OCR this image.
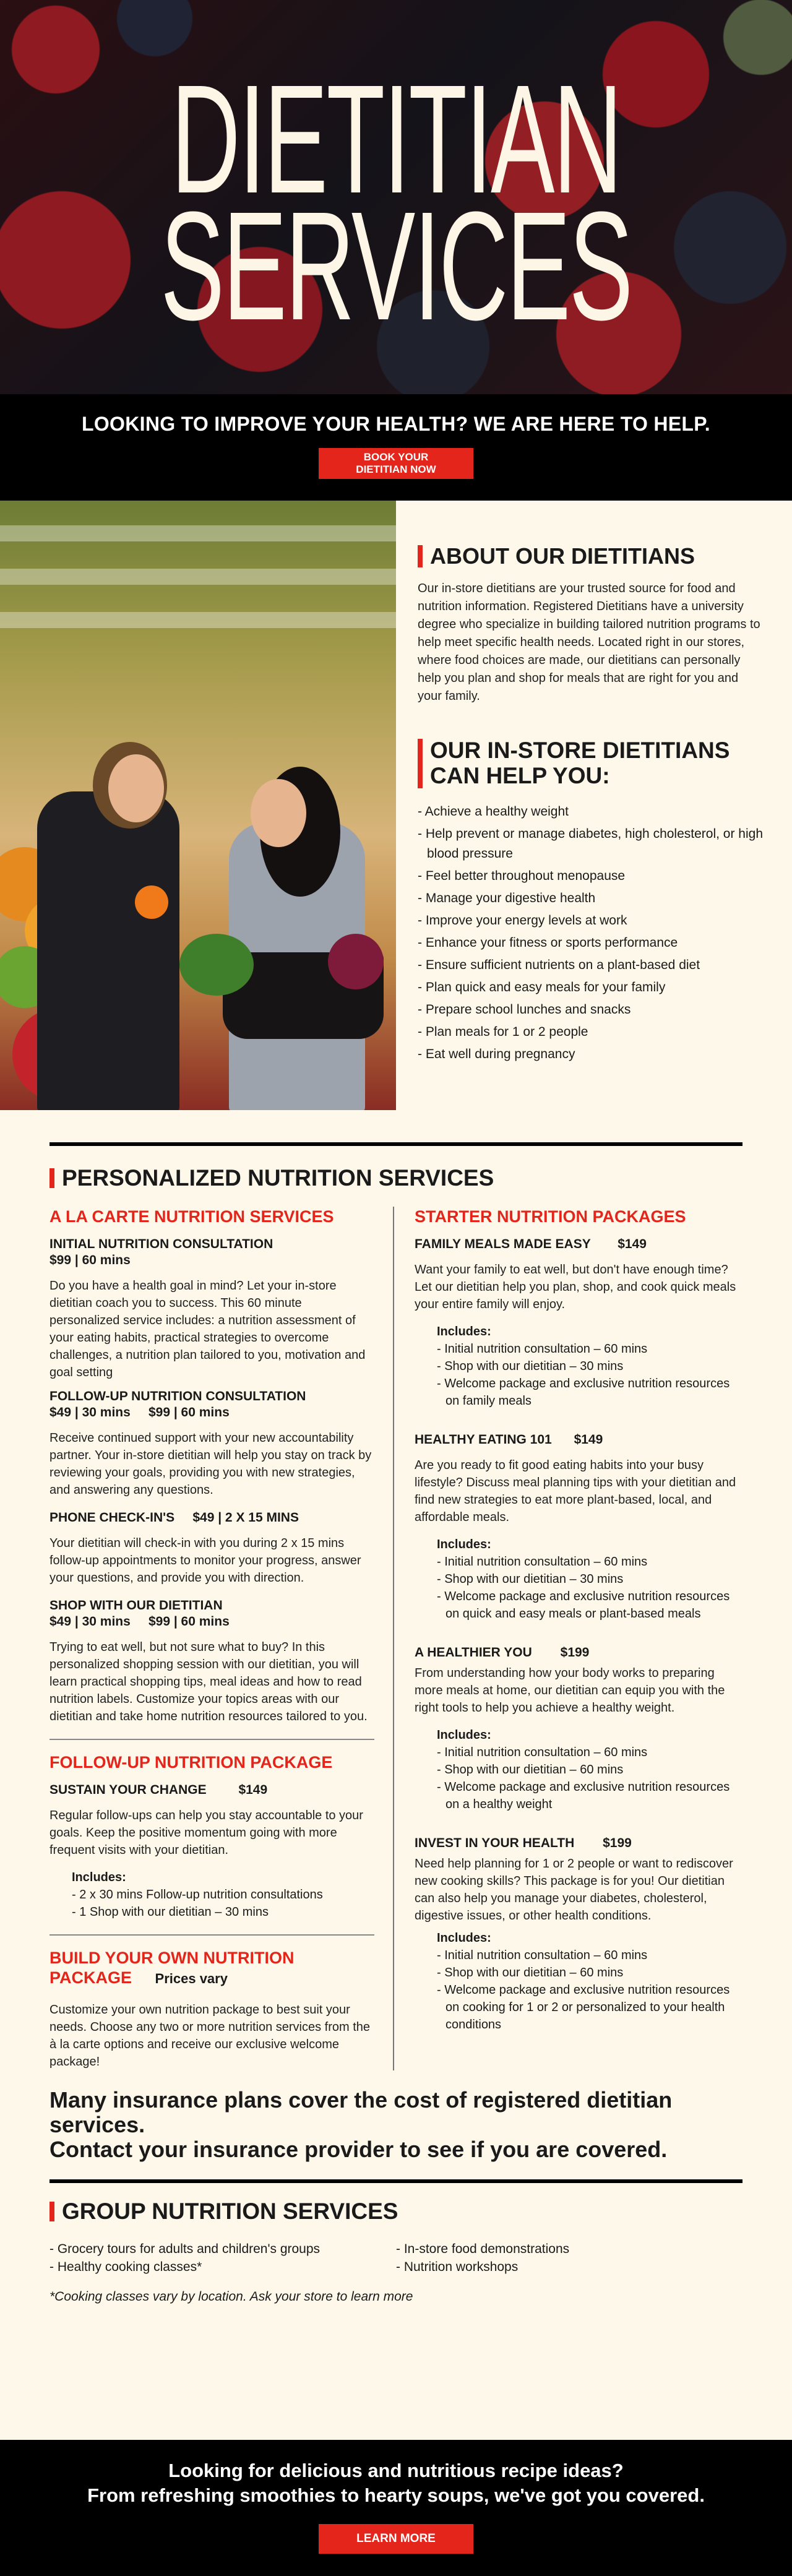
DIETITIAN
SERVICES
LOOKING TO IMPROVE YOUR HEALTH? WE ARE HERE TO HELP.
BOOK YOUR
DIETITIAN NOW
ABOUT OUR DIETITIANS

Our in-store dietitians are your trusted source for food and nutrition information. Registered Dietitians have a university degree who specialize in building tailored nutrition programs to help meet specific health needs. Located right in our stores, where food choices are made, our dietitians can personally help you plan and shop for meals that are right for you and your family.

OUR IN-STORE DIETITIANS
CAN HELP YOU:
- Achieve a healthy weight
- Help prevent or manage diabetes, high cholesterol, or high blood pressure
- Feel better throughout menopause
- Manage your digestive health
- Improve your energy levels at work
- Enhance your fitness or sports performance
- Ensure sufficient nutrients on a plant-based diet
- Plan quick and easy meals for your family
- Prepare school lunches and snacks
- Plan meals for 1 or 2 people
- Eat well during pregnancy
PERSONALIZED NUTRITION SERVICES
A LA CARTE NUTRITION SERVICES
INITIAL NUTRITION CONSULTATION
$99 | 60 mins
Do you have a health goal in mind? Let your in-store dietitian coach you to success. This 60 minute personalized service includes: a nutrition assessment of your eating habits, practical strategies to overcome challenges, a nutrition plan tailored to you, motivation and goal setting
FOLLOW-UP NUTRITION CONSULTATION
$49 | 30 mins     $99 | 60 mins
Receive continued support with your new accountability partner. Your in-store dietitian will help you stay on track by reviewing your goals, providing you with new strategies, and answering any questions.
PHONE CHECK-IN'S     $49 | 2 X 15 MINS
Your dietitian will check-in with you during 2 x 15 mins follow-up appointments to monitor your progress, answer your questions, and provide you with direction.
SHOP WITH OUR DIETITIAN
$49 | 30 mins     $99 | 60 mins
Trying to eat well, but not sure what to buy? In this personalized shopping session with our dietitian, you will learn practical shopping tips, meal ideas and how to read nutrition labels. Customize your topics areas with our dietitian and take home nutrition resources tailored to you.
FOLLOW-UP NUTRITION PACKAGE
SUSTAIN YOUR CHANGE $149
Regular follow-ups can help you stay accountable to your goals. Keep the positive momentum going with more frequent visits with your dietitian.
Includes:
- 2 x 30 mins Follow-up nutrition consultations
- 1 Shop with our dietitian – 30 mins
BUILD YOUR OWN NUTRITION
PACKAGE Prices vary
Customize your own nutrition package to best suit your needs. Choose any two or more nutrition services from the à la carte options and receive our exclusive welcome package!
STARTER NUTRITION PACKAGES
FAMILY MEALS MADE EASY $149
Want your family to eat well, but don't have enough time? Let our dietitian help you plan, shop, and cook quick meals your entire family will enjoy.
Includes:
- Initial nutrition consultation – 60 mins
- Shop with our dietitian – 30 mins
- Welcome package and exclusive nutrition resources on family meals
HEALTHY EATING 101 $149
Are you ready to fit good eating habits into your busy lifestyle? Discuss meal planning tips with your dietitian and find new strategies to eat more plant-based, local, and affordable meals.
Includes:
- Initial nutrition consultation – 60 mins
- Shop with our dietitian – 30 mins
- Welcome package and exclusive nutrition resources on quick and easy meals or plant-based meals
A HEALTHIER YOU $199
From understanding how your body works to preparing more meals at home, our dietitian can equip you with the right tools to help you achieve a healthy weight.
Includes:
- Initial nutrition consultation – 60 mins
- Shop with our dietitian – 60 mins
- Welcome package and exclusive nutrition resources on a healthy weight
INVEST IN YOUR HEALTH $199
Need help planning for 1 or 2 people or want to rediscover new cooking skills? This package is for you! Our dietitian can also help you manage your diabetes, cholesterol, digestive issues, or other health conditions.
Includes:
- Initial nutrition consultation – 60 mins
- Shop with our dietitian – 60 mins
- Welcome package and exclusive nutrition resources on cooking for 1 or 2 or personalized to your health conditions
Many insurance plans cover the cost of registered dietitian services.
Contact your insurance provider to see if you are covered.
GROUP NUTRITION SERVICES
- Grocery tours for adults and children's groups
- Healthy cooking classes*
- In-store food demonstrations
- Nutrition workshops
*Cooking classes vary by location. Ask your store to learn more

Looking for delicious and nutritious recipe ideas?

From refreshing smoothies to hearty soups, we've got you covered.

LEARN MORE
